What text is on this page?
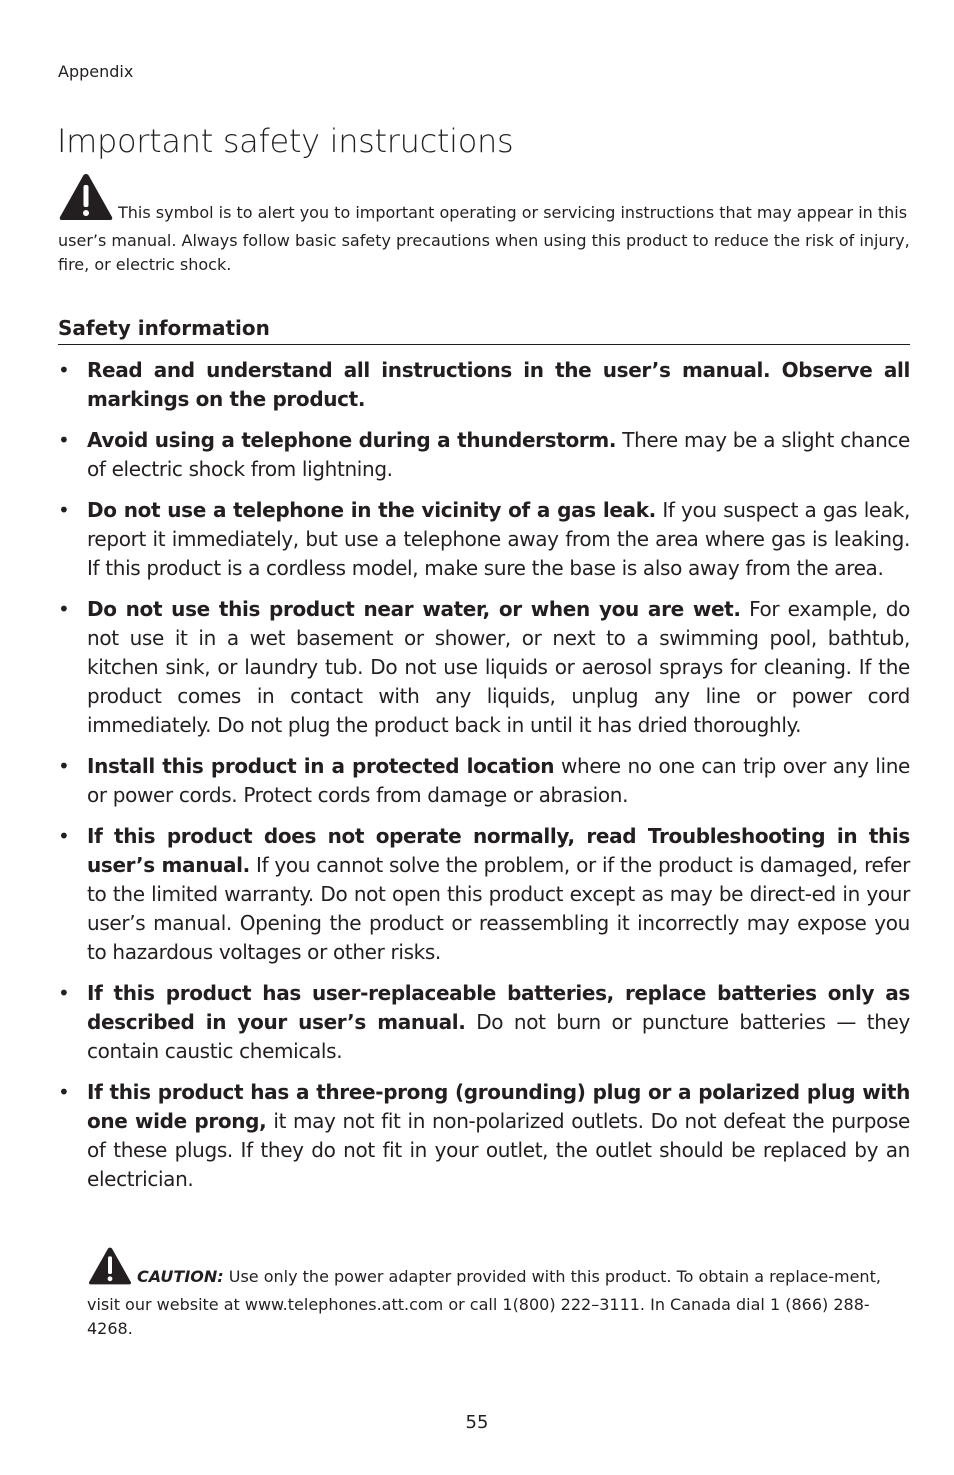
Appendix
Important safety instructions
This symbol is to alert you to important operating or servicing instructions that may appear in this user’s manual. Always follow basic safety precautions when using this product to reduce the risk of injury, fire, or electric shock.
Safety information
• Read and understand all instructions in the user’s manual. Observe all markings on the product.
• Avoid using a telephone during a thunderstorm. There may be a slight chance of electric shock from lightning.
• Do not use a telephone in the vicinity of a gas leak. If you suspect a gas leak, report it immediately, but use a telephone away from the area where gas is leaking. If this product is a cordless model, make sure the base is also away from the area.
• Do not use this product near water, or when you are wet. For example, do not use it in a wet basement or shower, or next to a swimming pool, bathtub, kitchen sink, or laundry tub. Do not use liquids or aerosol sprays for cleaning. If the product comes in contact with any liquids, unplug any line or power cord immediately. Do not plug the product back in until it has dried thoroughly.
• Install this product in a protected location where no one can trip over any line or power cords. Protect cords from damage or abrasion.
• If this product does not operate normally, read Troubleshooting in this user’s manual. If you cannot solve the problem, or if the product is damaged, refer to the limited warranty. Do not open this product except as may be direct-ed in your user’s manual. Opening the product or reassembling it incorrectly may expose you to hazardous voltages or other risks.
• If this product has user-replaceable batteries, replace batteries only as described in your user’s manual. Do not burn or puncture batteries — they contain caustic chemicals.
• If this product has a three-prong (grounding) plug or a polarized plug with one wide prong, it may not fit in non-polarized outlets. Do not defeat the purpose of these plugs. If they do not fit in your outlet, the outlet should be replaced by an electrician.
CAUTION: Use only the power adapter provided with this product. To obtain a replace-ment, visit our website at www.telephones.att.com or call 1(800) 222–3111. In Canada dial 1 (866) 288-4268.
55
